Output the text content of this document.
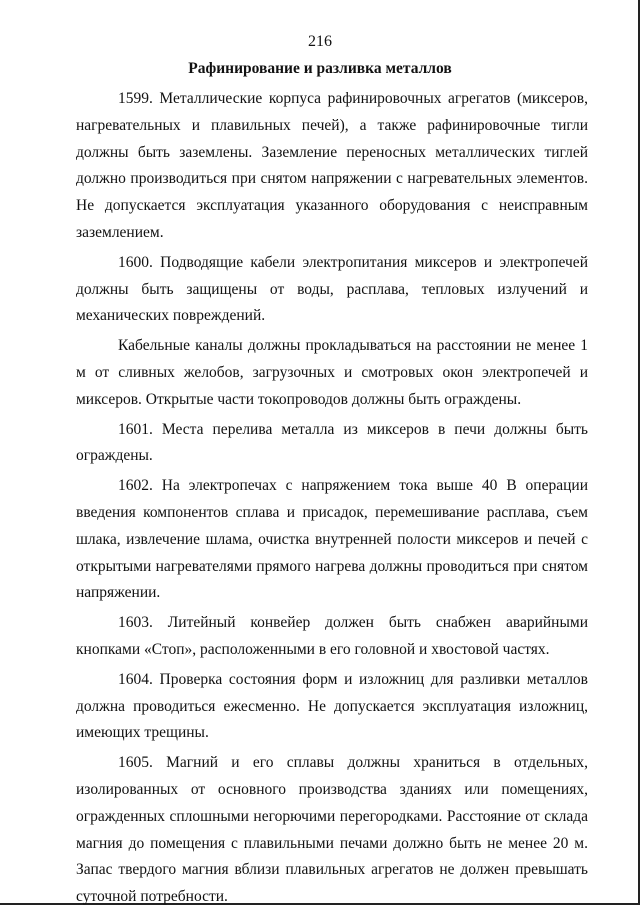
216
Рафинирование и разливка металлов

1599. Металлические корпуса рафинировочных агрегатов (миксеров, нагревательных и плавильных печей), а также рафинировочные тигли должны быть заземлены. Заземление переносных металлических тиглей должно производиться при снятом напряжении с нагревательных элементов. Не допускается эксплуатация указанного оборудования с неисправным заземлением.

1600. Подводящие кабели электропитания миксеров и электропечей должны быть защищены от воды, расплава, тепловых излучений и механических повреждений.

Кабельные каналы должны прокладываться на расстоянии не менее 1 м от сливных желобов, загрузочных и смотровых окон электропечей и миксеров. Открытые части токопроводов должны быть ограждены.

1601. Места перелива металла из миксеров в печи должны быть ограждены.

1602. На электропечах с напряжением тока выше 40 В операции введения компонентов сплава и присадок, перемешивание расплава, съем шлака, извлечение шлама, очистка внутренней полости миксеров и печей с открытыми нагревателями прямого нагрева должны проводиться при снятом напряжении.

1603. Литейный конвейер должен быть снабжен аварийными кнопками «Стоп», расположенными в его головной и хвостовой частях.

1604. Проверка состояния форм и изложниц для разливки металлов должна проводиться ежесменно. Не допускается эксплуатация изложниц, имеющих трещины.

1605. Магний и его сплавы должны храниться в отдельных, изолированных от основного производства зданиях или помещениях, огражденных сплошными негорючими перегородками. Расстояние от склада магния до помещения с плавильными печами должно быть не менее 20 м. Запас твердого магния вблизи плавильных агрегатов не должен превышать суточной потребности.
